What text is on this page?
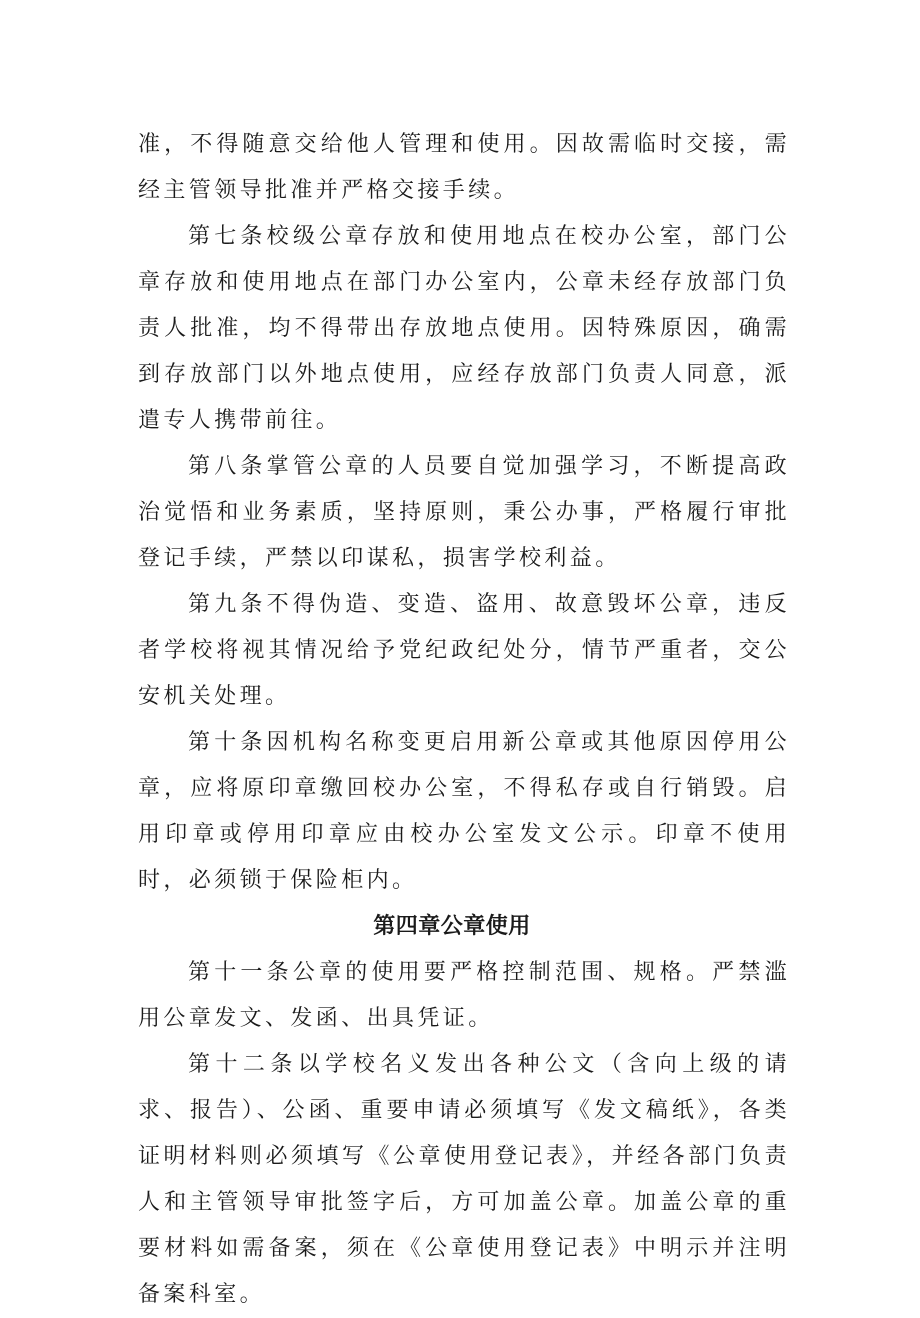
准，不得随意交给他人管理和使用。因故需临时交接，需经主管领导批准并严格交接手续。

第七条校级公章存放和使用地点在校办公室，部门公章存放和使用地点在部门办公室内，公章未经存放部门负责人批准，均不得带出存放地点使用。因特殊原因，确需到存放部门以外地点使用，应经存放部门负责人同意，派遣专人携带前往。

第八条掌管公章的人员要自觉加强学习，不断提高政治觉悟和业务素质，坚持原则，秉公办事，严格履行审批登记手续，严禁以印谋私，损害学校利益。

第九条不得伪造、变造、盗用、故意毁坏公章，违反者学校将视其情况给予党纪政纪处分，情节严重者，交公安机关处理。

第十条因机构名称变更启用新公章或其他原因停用公章，应将原印章缴回校办公室，不得私存或自行销毁。启用印章或停用印章应由校办公室发文公示。印章不使用时，必须锁于保险柜内。

第四章公章使用

第十一条公章的使用要严格控制范围、规格。严禁滥用公章发文、发函、出具凭证。

第十二条以学校名义发出各种公文（含向上级的请求、报告）、公函、重要申请必须填写《发文稿纸》，各类证明材料则必须填写《公章使用登记表》，并经各部门负责人和主管领导审批签字后，方可加盖公章。加盖公章的重要材料如需备案，须在《公章使用登记表》中明示并注明备案科室。
